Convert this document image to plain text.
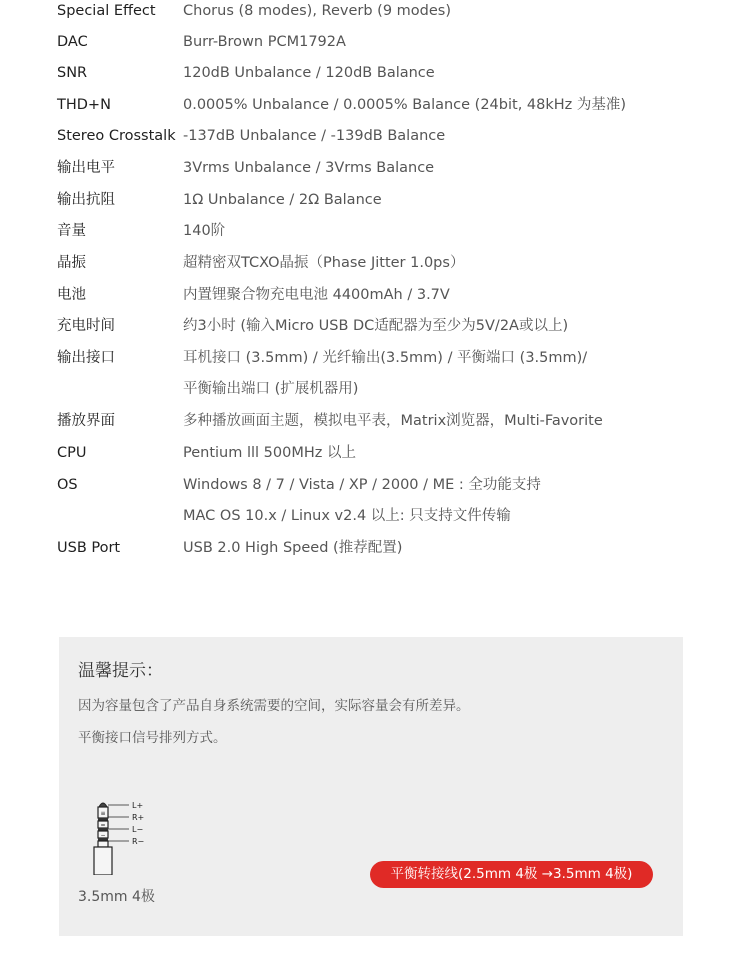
Special Effect Chorus (8 modes), Reverb (9 modes)
DAC	Burr-Brown PCM1792A
SNR	120dB Unbalance / 120dB Balance
THD+N	0.0005% Unbalance / 0.0005% Balance (24bit, 48kHz 为基准)
Stereo Crosstalk -137dB Unbalance / -139dB Balance
输出电平	3Vrms Unbalance / 3Vrms Balance
输出抗阻	1Ω Unbalance / 2Ω Balance
音量	140阶
晶振	超精密双TCXO晶振（Phase Jitter 1.0ps）
电池	内置锂聚合物充电电池 4400mAh / 3.7V
充电时间	约3小时 (输入Micro USB DC适配器为至少为5V/2A或以上)
输出接口	耳机接口 (3.5mm) / 光纤输出(3.5mm) / 平衡端口 (3.5mm)/
平衡输出端口 (扩展机器用)
播放界面	多种播放画面主题，模拟电平表，Matrix浏览器，Multi-Favorite
CPU	Pentium lll 500MHz 以上
OS	Windows 8 / 7 / Vista / XP / 2000 / ME : 全功能支持
MAC OS 10.x / Linux v2.4 以上: 只支持文件传输
USB Port	USB 2.0 High Speed (推荐配置)
温馨提示：
因为容量包含了产品自身系统需要的空间，实际容量会有所差异。
平衡接口信号排列方式。
≡
=
−
L+
R+
L−
R−
3.5mm 4极
平衡转接线(2.5mm 4极 →3.5mm 4极)
